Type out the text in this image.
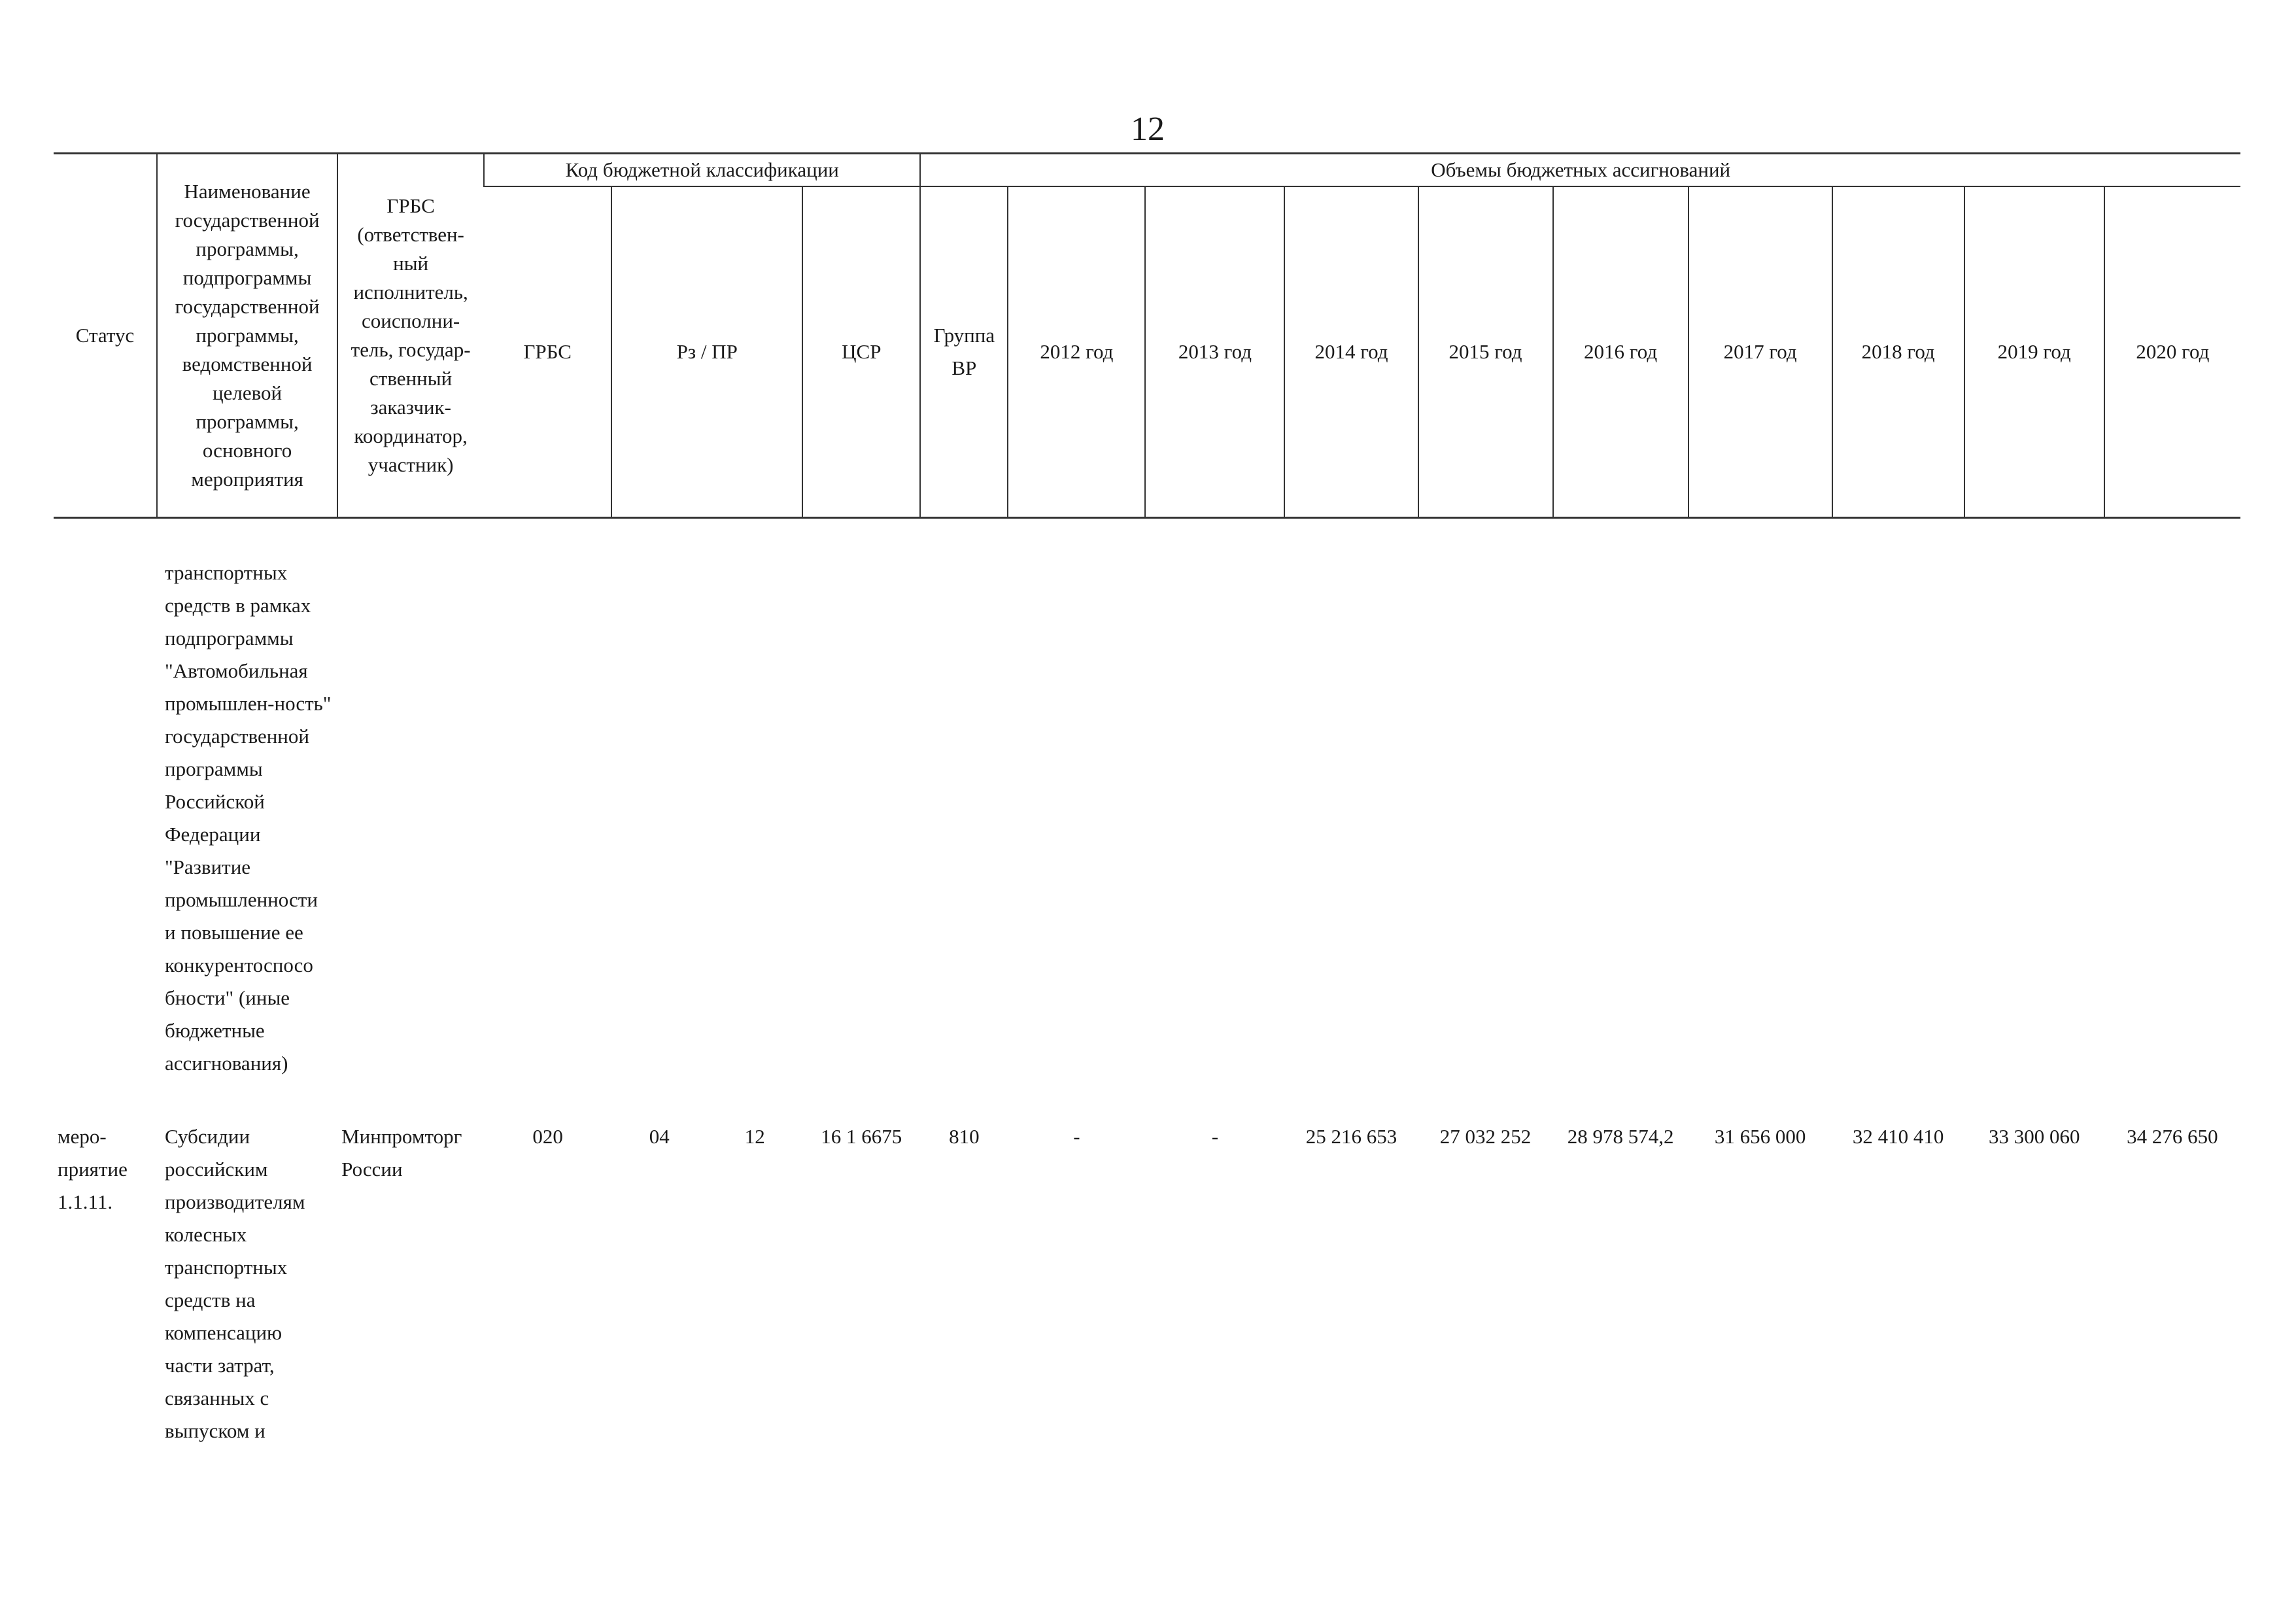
12
Статус	Наименование государственной программы, подпрограммы государственной программы, ведомственной целевой программы, основного мероприятия	ГРБС (ответствен-ный исполнитель, соисполни-тель, государ-ственный заказчик-координатор, участник)	Код бюджетной классификации				Объемы бюджетных ассигнований									
			ГРБС	Рз / ПР		ЦСР	Группа ВР	2012 год	2013 год	2014 год	2015 год	2016 год	2017 год	2018 год	2019 год	2020 год

	транспортных средств в рамках подпрограммы "Автомобильная промышлен-ность" государственной программы Российской Федерации "Развитие промышленности и повышение ее конкурентоспосо бности" (иные бюджетные ассигнования)															

меро-приятие 1.1.11.	Субсидии российским производителям колесных транспортных средств на компенсацию части затрат, связанных с выпуском и	Минпромторг России	020	04	12	16 1 6675	810	-	-	25 216 653	27 032 252	28 978 574,2	31 656 000	32 410 410	33 300 060	34 276 650
